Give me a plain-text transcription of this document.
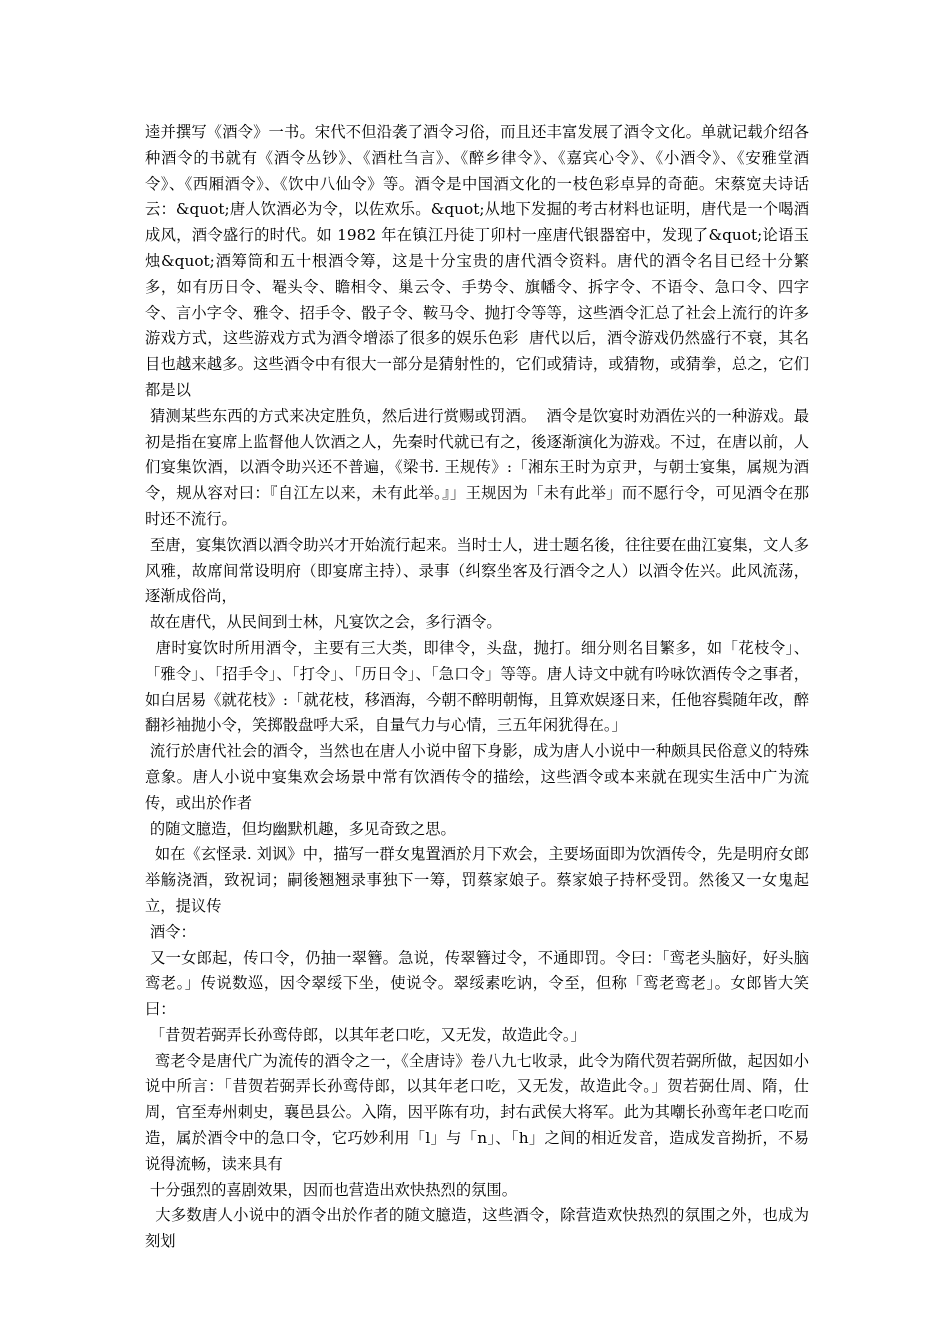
逵并撰写《酒令》一书。宋代不但沿袭了酒令习俗，而且还丰富发展了酒令文化。单就记载介绍各种酒令的书就有《酒令丛钞》、《酒杜刍言》、《醉乡律令》、《嘉宾心令》、《小酒令》、《安雅堂酒令》、《西厢酒令》、《饮中八仙令》等。酒令是中国酒文化的一枝色彩卓异的奇葩。宋蔡宽夫诗话云：&quot;唐人饮酒必为令，以佐欢乐。&quot;从地下发掘的考古材料也证明，唐代是一个喝酒成风，酒令盛行的时代。如 1982 年在镇江丹徒丁卯村一座唐代银器窑中，发现了&quot;论语玉烛&quot;酒筹筒和五十根酒令筹，这是十分宝贵的唐代酒令资料。唐代的酒令名目已经十分繁多，如有历日令、罨头令、瞻相令、巢云令、手势令、旗幡令、拆字令、不语令、急口令、四字令、言小字令、雅令、招手令、骰子令、鞍马令、抛打令等等，这些酒令汇总了社会上流行的许多游戏方式，这些游戏方式为酒令增添了很多的娱乐色彩  唐代以后，酒令游戏仍然盛行不衰，其名目也越来越多。这些酒令中有很大一部分是猜射性的，它们或猜诗，或猜物，或猜拳，总之，它们都是以

猜测某些东西的方式来决定胜负，然后进行赏赐或罚酒。  酒令是饮宴时劝酒佐兴的一种游戏。最初是指在宴席上监督他人饮酒之人，先秦时代就已有之，後逐渐演化为游戏。不过，在唐以前，人们宴集饮酒，以酒令助兴还不普遍，《梁书. 王规传》:「湘东王时为京尹，与朝士宴集，属规为酒令，规从容对曰：『自江左以来，未有此举。』」王规因为「未有此举」而不愿行令，可见酒令在那时还不流行。

至唐，宴集饮酒以酒令助兴才开始流行起来。当时士人，进士题名後，往往要在曲江宴集，文人多风雅，故席间常设明府（即宴席主持）、录事（纠察坐客及行酒令之人）以酒令佐兴。此风流荡，逐渐成俗尚，

故在唐代，从民间到士林，凡宴饮之会，多行酒令。

唐时宴饮时所用酒令，主要有三大类，即律令，头盘，抛打。细分则名目繁多，如「花枝令」、「雅令」、「招手令」、「打令」、「历日令」、「急口令」等等。唐人诗文中就有吟咏饮酒传令之事者，如白居易《就花枝》:「就花枝，移酒海，今朝不醉明朝悔，且算欢娱逐日来，任他容鬓随年改，醉翻衫袖抛小令，笑掷骰盘呼大采，自量气力与心情，三五年闲犹得在。」

流行於唐代社会的酒令，当然也在唐人小说中留下身影，成为唐人小说中一种颇具民俗意义的特殊意象。唐人小说中宴集欢会场景中常有饮酒传令的描绘，这些酒令或本来就在现实生活中广为流传，或出於作者

的随文臆造，但均幽默机趣，多见奇致之思。

如在《玄怪录. 刘讽》中，描写一群女鬼置酒於月下欢会，主要场面即为饮酒传令，先是明府女郎举觞浇酒，致祝词；嗣後翘翘录事独下一筹，罚蔡家娘子。蔡家娘子持杯受罚。然後又一女鬼起立，提议传

酒令：

又一女郎起，传口令，仍抽一翠簪。急说，传翠簪过令，不通即罚。令曰：「鸾老头脑好，好头脑鸾老。」传说数巡，因令翠绥下坐，使说令。翠绥素吃讷，令至，但称「鸾老鸾老」。女郎皆大笑曰：

「昔贺若弼弄长孙鸾侍郎，以其年老口吃，又无发，故造此令。」

鸾老令是唐代广为流传的酒令之一，《全唐诗》卷八九七收录，此令为隋代贺若弼所做，起因如小说中所言：「昔贺若弼弄长孙鸾侍郎，以其年老口吃，又无发，故造此令。」贺若弼仕周、隋，仕周，官至寿州刺史，襄邑县公。入隋，因平陈有功，封右武侯大将军。此为其嘲长孙鸾年老口吃而造，属於酒令中的急口令，它巧妙利用「l」与「n」、「h」之间的相近发音，造成发音拗折，不易说得流畅，读来具有

十分强烈的喜剧效果，因而也营造出欢快热烈的氛围。

大多数唐人小说中的酒令出於作者的随文臆造，这些酒令，除营造欢快热烈的氛围之外，也成为刻划
